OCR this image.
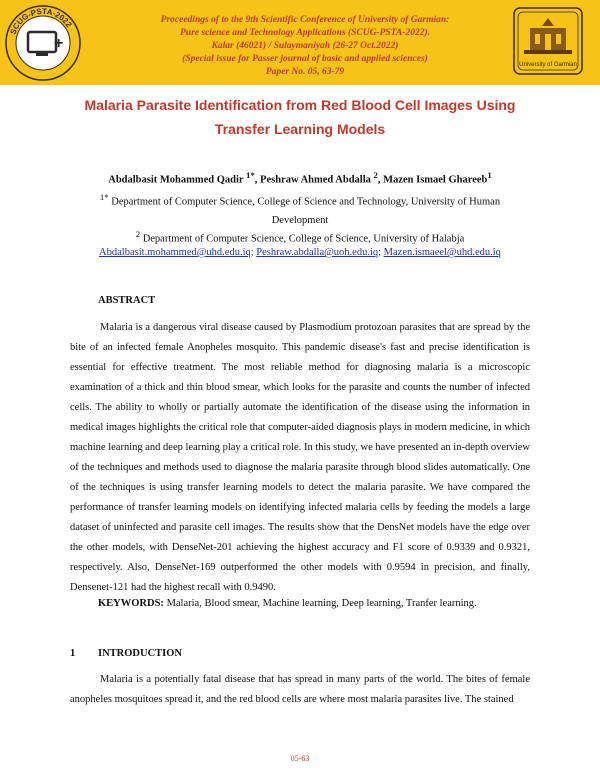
+
SCUG-PSTA-2022	Proceedings of to the 9th Scientific Conference of University of Garmian:
Pure science and Technology Applications (SCUG-PSTA-2022).
Kalar (46021) / Sulaymaniyah (26-27 Oct.2022)
(Special issue for Passer journal of basic and applied sciences)
Paper No. 05, 63-79
University of Garmian
Malaria Parasite Identification from Red Blood Cell Images Using
Transfer Learning Models
Abdalbasit Mohammed Qadir $^{1*}$, Peshraw Ahmed Abdalla $^2$, Mazen Ismael Ghareeb$^1$
$^{1*}$ Department of Computer Science, College of Science and Technology, University of Human Development
$^2$ Department of Computer Science, College of Science, University of Halabja
Abdalbasit.mohammed@uhd.edu.iq; Peshraw.abdalla@uoh.edu.iq; Mazen.ismaeel@uhd.edu.iq
ABSTRACT
Malaria is a dangerous viral disease caused by Plasmodium protozoan parasites that are spread by the bite of an infected female Anopheles mosquito. This pandemic disease's fast and precise identification is essential for effective treatment. The most reliable method for diagnosing malaria is a microscopic examination of a thick and thin blood smear, which looks for the parasite and counts the number of infected cells. The ability to wholly or partially automate the identification of the disease using the information in medical images highlights the critical role that computer-aided diagnosis plays in modern medicine, in which machine learning and deep learning play a critical role. In this study, we have presented an in-depth overview of the techniques and methods used to diagnose the malaria parasite through blood slides automatically. One of the techniques is using transfer learning models to detect the malaria parasite. We have compared the performance of transfer learning models on identifying infected malaria cells by feeding the models a large dataset of uninfected and parasite cell images. The results show that the DensNet models have the edge over the other models, with DenseNet-201 achieving the highest accuracy and F1 score of 0.9339 and 0.9321, respectively. Also, DenseNet-169 outperformed the other models with 0.9594 in precision, and finally, Densenet-121 had the highest recall with 0.9490.
KEYWORDS: Malaria, Blood smear, Machine learning, Deep learning, Tranfer learning.
1 INTRODUCTION
Malaria is a potentially fatal disease that has spread in many parts of the world. The bites of female anopheles mosquitoes spread it, and the red blood cells are where most malaria parasites live. The stained
05-63
